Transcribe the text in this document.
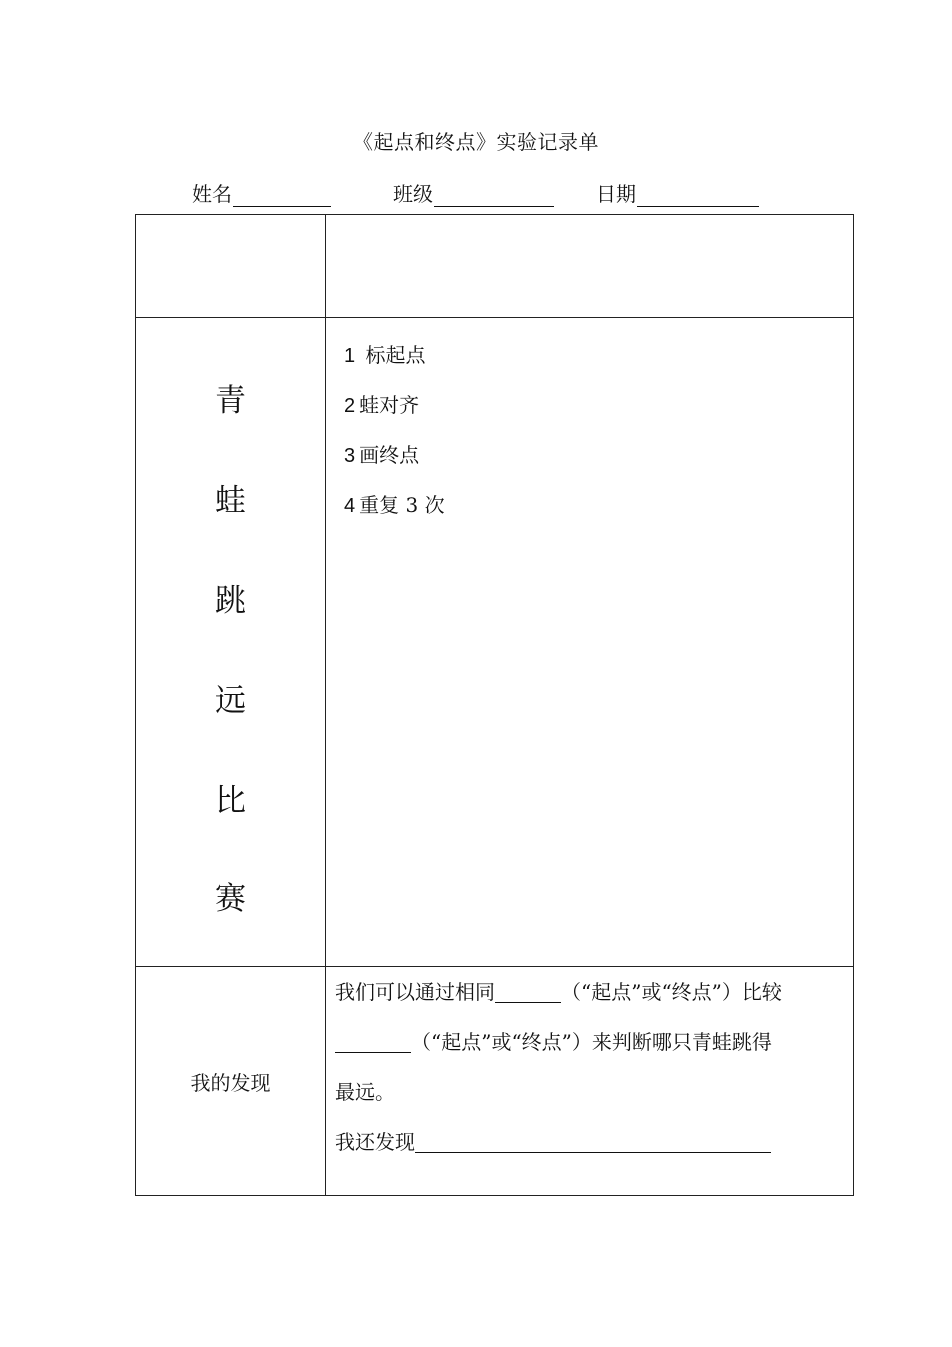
《起点和终点》实验记录单
姓名	班级	日期
青
蛙
跳
远
比
赛
1 标起点
2 蛙对齐
3 画终点
4 重复 3 次
我的发现
我们可以通过相同	（“起点”或“终点”）比较
（“起点”或“终点”）来判断哪只青蛙跳得
最远。
我还发现
